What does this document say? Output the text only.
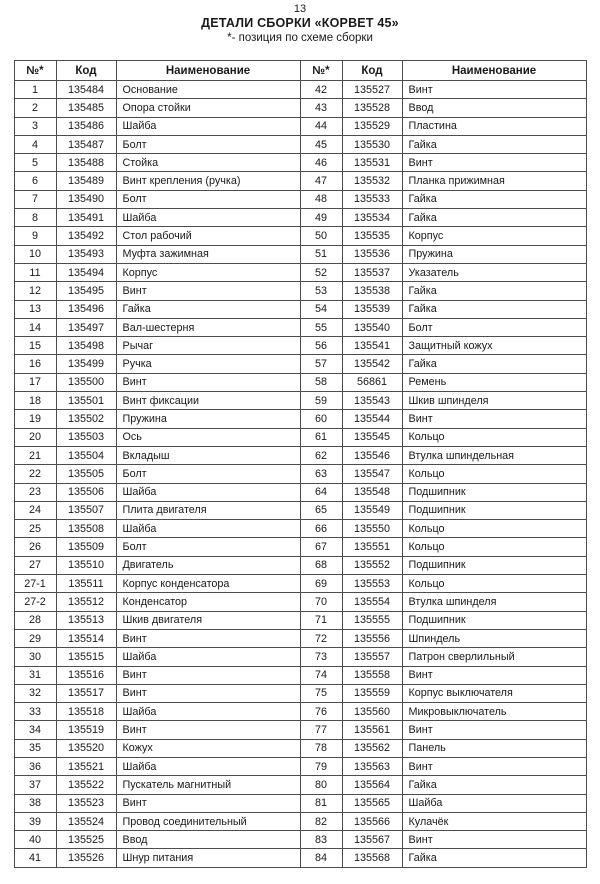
13
ДЕТАЛИ СБОРКИ «КОРВЕТ 45»
*- позиция по схеме сборки
№*	Код	Наименование	№*	Код	Наименование
1	135484	Основание	42	135527	Винт
2	135485	Опора стойки	43	135528	Ввод
3	135486	Шайба	44	135529	Пластина
4	135487	Болт	45	135530	Гайка
5	135488	Стойка	46	135531	Винт
6	135489	Винт крепления (ручка)	47	135532	Планка прижимная
7	135490	Болт	48	135533	Гайка
8	135491	Шайба	49	135534	Гайка
9	135492	Стол рабочий	50	135535	Корпус
10	135493	Муфта зажимная	51	135536	Пружина
11	135494	Корпус	52	135537	Указатель
12	135495	Винт	53	135538	Гайка
13	135496	Гайка	54	135539	Гайка
14	135497	Вал-шестерня	55	135540	Болт
15	135498	Рычаг	56	135541	Защитный кожух
16	135499	Ручка	57	135542	Гайка
17	135500	Винт	58	56861	Ремень
18	135501	Винт фиксации	59	135543	Шкив шпинделя
19	135502	Пружина	60	135544	Винт
20	135503	Ось	61	135545	Кольцо
21	135504	Вкладыш	62	135546	Втулка шпиндельная
22	135505	Болт	63	135547	Кольцо
23	135506	Шайба	64	135548	Подшипник
24	135507	Плита двигателя	65	135549	Подшипник
25	135508	Шайба	66	135550	Кольцо
26	135509	Болт	67	135551	Кольцо
27	135510	Двигатель	68	135552	Подшипник
27-1	135511	Корпус конденсатора	69	135553	Кольцо
27-2	135512	Конденсатор	70	135554	Втулка шпинделя
28	135513	Шкив двигателя	71	135555	Подшипник
29	135514	Винт	72	135556	Шпиндель
30	135515	Шайба	73	135557	Патрон сверлильный
31	135516	Винт	74	135558	Винт
32	135517	Винт	75	135559	Корпус выключателя
33	135518	Шайба	76	135560	Микровыключатель
34	135519	Винт	77	135561	Винт
35	135520	Кожух	78	135562	Панель
36	135521	Шайба	79	135563	Винт
37	135522	Пускатель магнитный	80	135564	Гайка
38	135523	Винт	81	135565	Шайба
39	135524	Провод соединительный	82	135566	Кулачёк
40	135525	Ввод	83	135567	Винт
41	135526	Шнур питания	84	135568	Гайка
